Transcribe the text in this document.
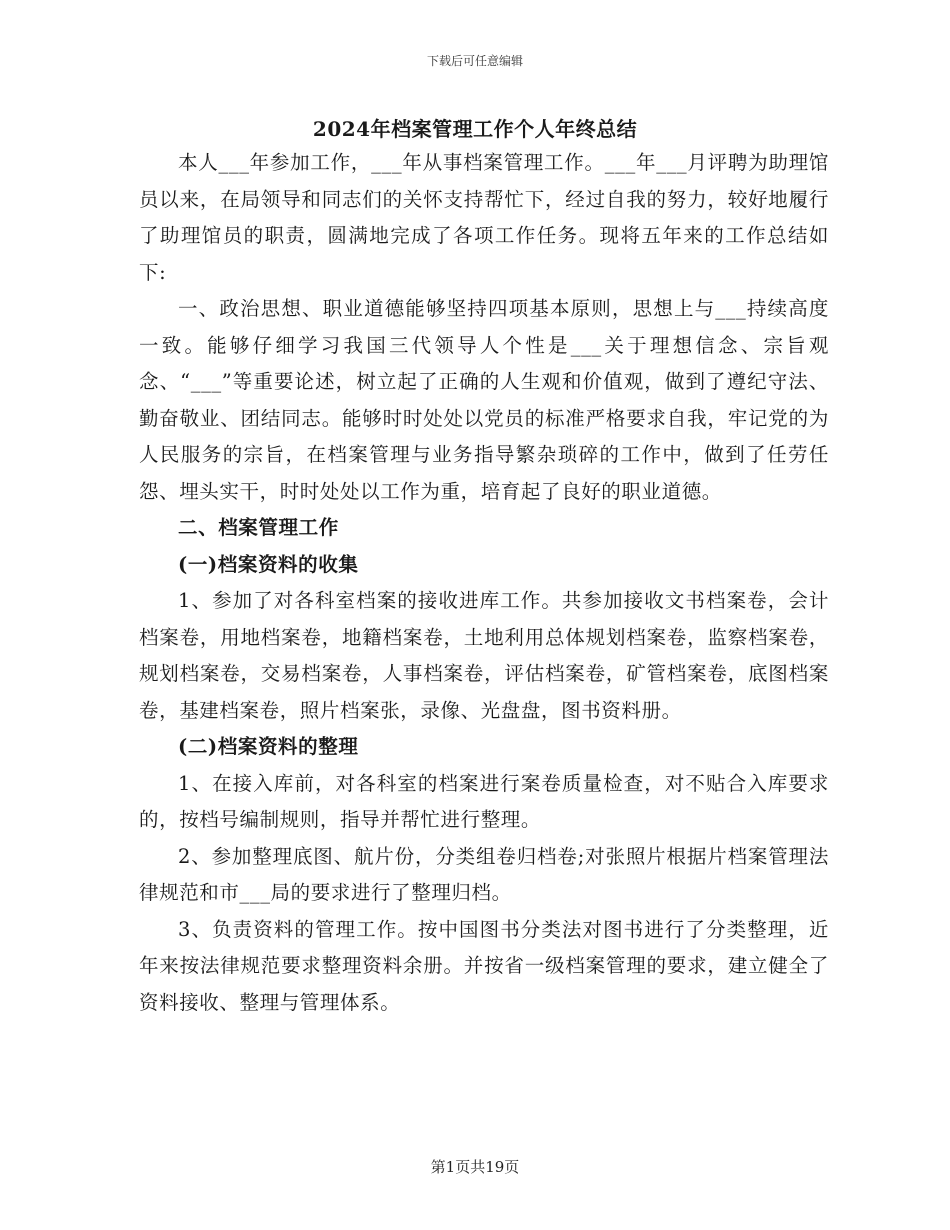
下载后可任意编辑
2024年档案管理工作个人年终总结

本人___年参加工作，___年从事档案管理工作。___年___月评聘为助理馆员以来，在局领导和同志们的关怀支持帮忙下，经过自我的努力，较好地履行了助理馆员的职责，圆满地完成了各项工作任务。现将五年来的工作总结如下:

一、政治思想、职业道德能够坚持四项基本原则，思想上与___持续高度一致。能够仔细学习我国三代领导人个性是___关于理想信念、宗旨观念、“___”等重要论述，树立起了正确的人生观和价值观，做到了遵纪守法、勤奋敬业、团结同志。能够时时处处以党员的标准严格要求自我，牢记党的为人民服务的宗旨，在档案管理与业务指导繁杂琐碎的工作中，做到了任劳任怨、埋头实干，时时处处以工作为重，培育起了良好的职业道德。

二、档案管理工作

(一)档案资料的收集

1、参加了对各科室档案的接收进库工作。共参加接收文书档案卷，会计档案卷，用地档案卷，地籍档案卷，土地利用总体规划档案卷，监察档案卷，规划档案卷，交易档案卷，人事档案卷，评估档案卷，矿管档案卷，底图档案卷，基建档案卷，照片档案张，录像、光盘盘，图书资料册。

(二)档案资料的整理

1、在接入库前，对各科室的档案进行案卷质量检查，对不贴合入库要求的，按档号编制规则，指导并帮忙进行整理。

2、参加整理底图、航片份，分类组卷归档卷;对张照片根据片档案管理法律规范和市___局的要求进行了整理归档。

3、负责资料的管理工作。按中国图书分类法对图书进行了分类整理，近年来按法律规范要求整理资料余册。并按省一级档案管理的要求，建立健全了资料接收、整理与管理体系。

第1页共19页
